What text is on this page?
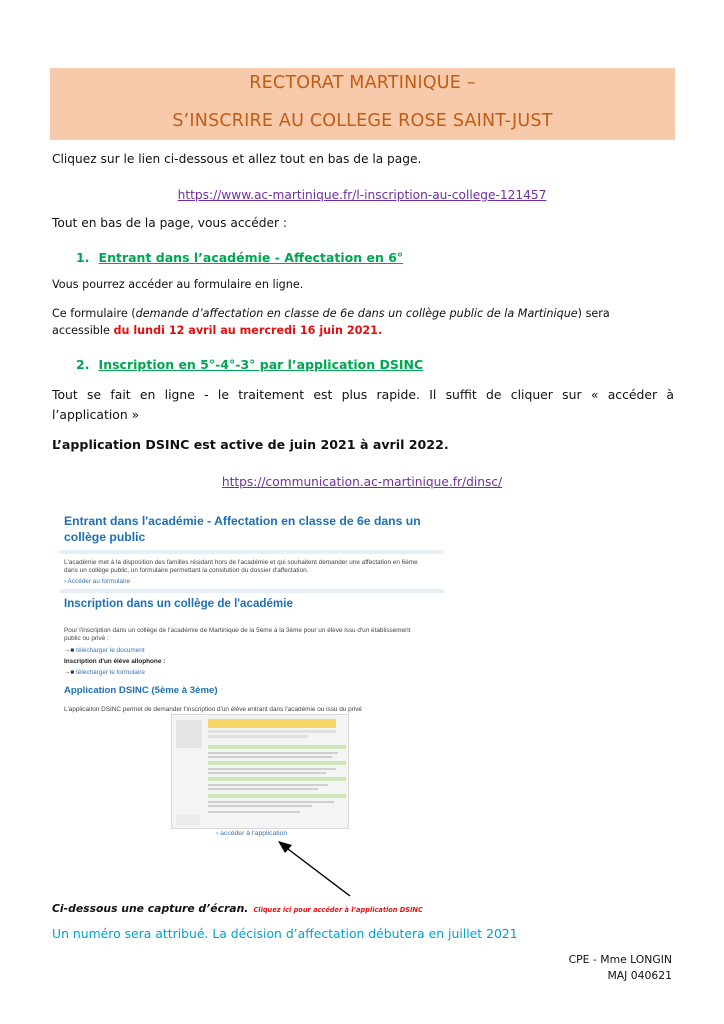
RECTORAT MARTINIQUE –
S’INSCRIRE AU COLLEGE ROSE SAINT-JUST
Cliquez sur le lien ci-dessous et allez tout en bas de la page.
https://www.ac-martinique.fr/l-inscription-au-college-121457
Tout en bas de la page, vous accéder :
1. Entrant dans l’académie - Affectation en 6°
Vous pourrez accéder au formulaire en ligne.
Ce formulaire (demande d’affectation en classe de 6e dans un collège public de la Martinique) sera
accessible du lundi 12 avril au mercredi 16 juin 2021.
2. Inscription en 5°-4°-3° par l’application DSINC
Tout se fait en ligne - le traitement est plus rapide. Il suffit de cliquer sur « accéder à
l’application »
L’application DSINC est active de juin 2021 à avril 2022.
https://communication.ac-martinique.fr/dinsc/
Entrant dans l'académie - Affectation en classe de 6e dans un
collège public
L'académie met à la disposition des familles résidant hors de l'académie et qui souhaitent demander une affectation en 6ème
dans un collège public, un formulaire permettant la consitution du dossier d'affectation.
› Accéder au formulaire
Inscription dans un collège de l'académie
Pour l'inscription dans un collège de l'académie de Martinique de la 5ème à la 3ème pour un élève issu d'un établissement
public ou privé :
→■ télécharger le document
Inscription d'un élève allophone :
→■ télécharger le formulaire
Application DSINC (5ème à 3ème)
L'applicaiton DSINC permet de demander l'inscription d'un élève entrant dans l'académie ou issu du privé
› accéder à l'application
Ci-dessous une capture d’écran. Cliquez ici pour accéder à l’application DSINC
Un numéro sera attribué. La décision d’affectation débutera en juillet 2021
CPE - Mme LONGIN
MAJ 040621
